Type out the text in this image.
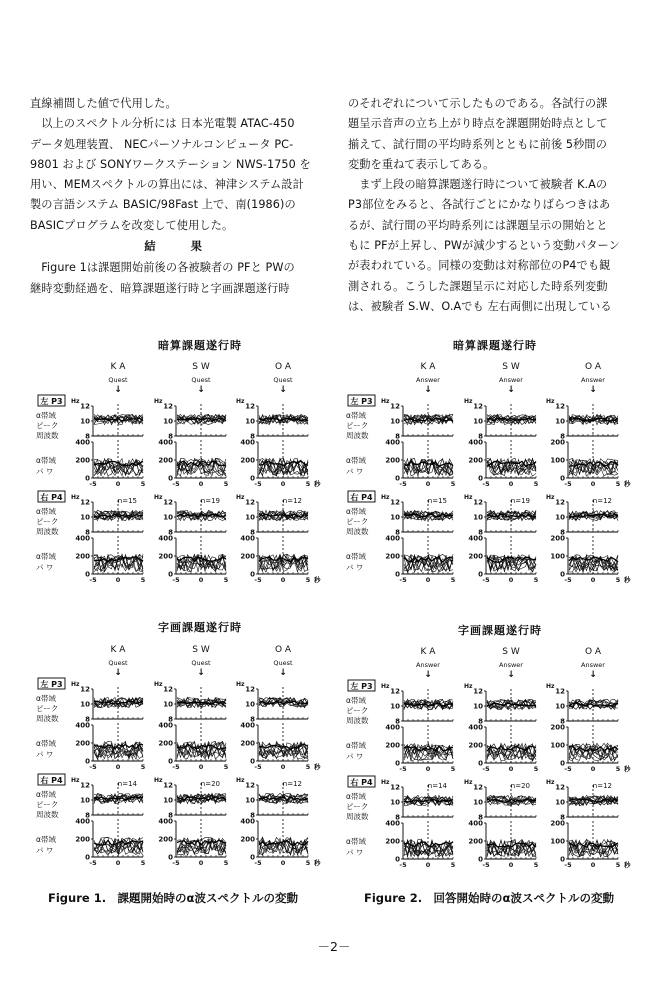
直線補間した値で代用した。

以上のスペクトル分析には 日本光電製 ATAC-450

データ処理装置、 NECパーソナルコンピュータ PC-

9801 および SONYワークステーション NWS-1750 を

用い、MEMスペクトルの算出には、神津システム設計

製の言語システム BASIC/98Fast 上で、南(1986)の

BASICプログラムを改変して使用した。

結 果

Figure 1は課題開始前後の各被験者の PFと PWの

継時変動経過を、暗算課題遂行時と字画課題遂行時

のそれぞれについて示したものである。各試行の課

題呈示音声の立ち上がり時点を課題開始時点として

揃えて、試行間の平均時系列とともに前後 5秒間の

変動を重ねて表示してある。

まず上段の暗算課題遂行時について被験者 K.Aの

P3部位をみると、各試行ごとにかなりばらつきはあ

るが、試行間の平均時系列には課題呈示の開始とと

もに PFが上昇し、PWが減少するという変動パターン

が表われている。同様の変動は対称部位のP4でも観

測される。こうした課題呈示に対応した時系列変動

は、被験者 S.W、O.Aでも 左右両側に出現している

暗算課題遂行時
字画課題遂行時
暗算課題遂行時
字画課題遂行時
K A
Quest
↓
S W
Quest
↓
O A
Quest
↓
左 P3
α帯域
ピーク
周波数
α帯域
パ ワ
Hz
12
10
8
400
200
0
-5	0	5
Hz
12
10
8
400
200
0
-5	0	5
Hz
12
10
8
400
200
0
-5	0	5 秒
右 P4
α帯域
ピーク
周波数
α帯域
パ ワ
Hz	n=15
12
10
8
400
200
0
-5	0	5
Hz	n=19
12
10
8
400
200
0
-5	0	5
Hz	n=12
12
10
8
400
200
0
-5	0	5 秒
K A
Quest
↓
S W
Quest
↓
O A
Quest
↓
左 P3
α帯域
ピーク
周波数
α帯域
パ ワ
Hz
12
10
8
400
200
0
-5	0	5
Hz
12
10
8
400
200
0
-5	0	5
Hz
12
10
8
400
200
0
-5	0	5 秒
右 P4
α帯域
ピーク
周波数
α帯域
パ ワ
Hz	n=14
12
10
8
400
200
0
-5	0	5
Hz	n=20
12
10
8
400
200
0
-5	0	5
Hz	n=12
12
10
8
400
200
0
-5	0	5 秒
K A
Answer
↓
S W
Answer
↓
O A
Answer
↓
左 P3
α帯域
ピーク
周波数
α帯域
パ ワ
Hz
12
10
8
400
200
0
-5	0	5
Hz
12
10
8
400
200
0
-5	0	5
Hz
12
10
8
200
100
0
-5	0	5 秒
右 P4
α帯域
ピーク
周波数
α帯域
パ ワ
Hz	n=15
12
10
8
400
200
0
-5	0	5
Hz	n=19
12
10
8
400
200
0
-5	0	5
Hz	n=12
12
10
8
200
100
0
-5	0	5 秒
K A
Answer
↓
S W
Answer
↓
O A
Answer
↓
左 P3
α帯域
ピーク
周波数
α帯域
パ ワ
Hz
12
10
8
400
200
0
-5	0	5
Hz
12
10
8
400
200
0
-5	0	5
Hz
12
10
8
200
100
0
-5	0	5 秒
右 P4
α帯域
ピーク
周波数
α帯域
パ ワ
Hz	n=14
12
10
8
400
200
0
-5	0	5
Hz	n=20
12
10
8
400
200
0
-5	0	5
Hz	n=12
12
10
8
200
100
0
-5	0	5 秒
Figure 1.　課題開始時のα波スペクトルの変動	Figure 2.　回答開始時のα波スペクトルの変動
－2－
